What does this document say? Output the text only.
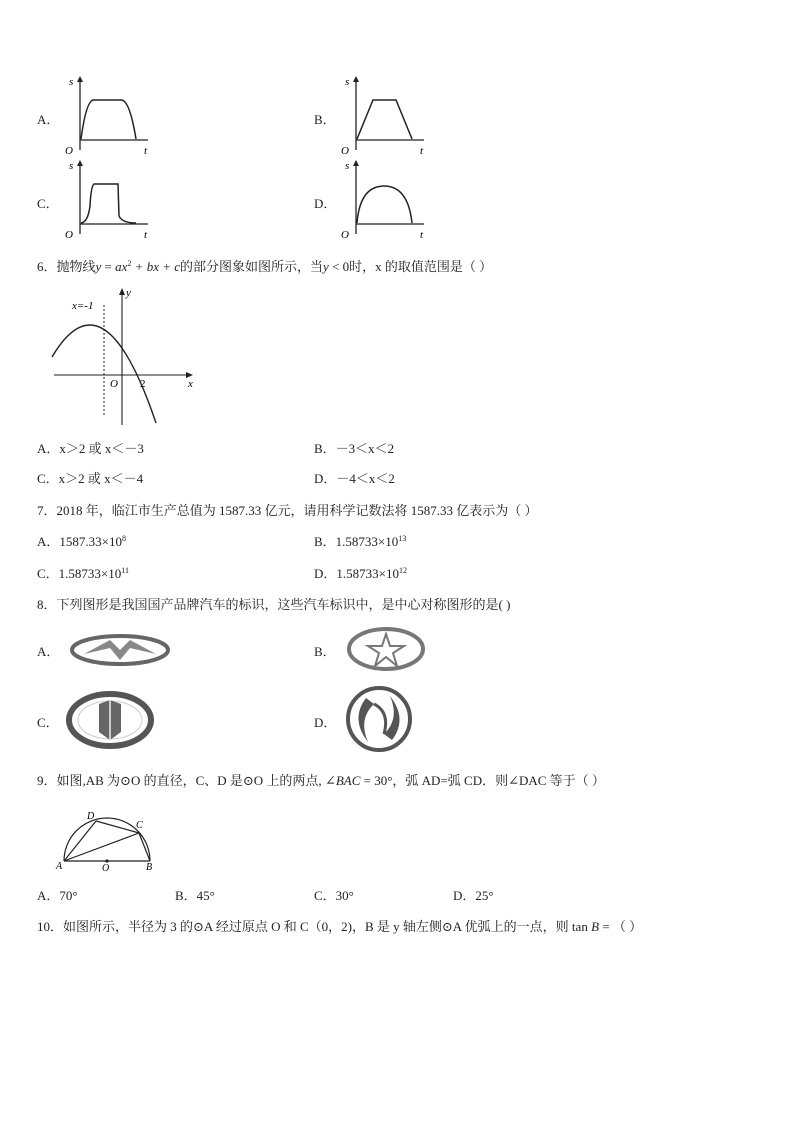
A．
s
t
O
B．
s
t
O
C．
s
t
O
D．
s
t
O
6．抛物线$y = ax^2$ + bx + c的部分图象如图所示，当y < 0时，x 的取值范围是（ ）
y
x
O 2
x=-1
A．x＞2 或 x＜－3	B．－3＜x＜2
C．x＞2 或 x＜－4	D．－4＜x＜2
7．2018 年，临江市生产总值为 1587.33 亿元，请用科学记数法将 1587.33 亿表示为（ ）
A．$1587.33\times 10^8$	B．$1.58733\times 10^{13}$
C．$1.58733\times 10^{11}$	D．$1.58733\times 10^{12}$
8．下列图形是我国国产品牌汽车的标识，这些汽车标识中，是中心对称图形的是( )
A．	B．
C．	D．
9．如图,AB 为⊙O 的直径，C、D 是⊙O 上的两点, ∠BAC = 30°，弧 AD=弧 CD．则∠DAC 等于（ ）
A	B
C
D
O
A．70°	B．45°	C．30°	D．25°
10．如图所示，半径为 3 的⊙A 经过原点 O 和 C（0，2)，B 是 y 轴左侧⊙A 优弧上的一点，则 tan B = （ ）
